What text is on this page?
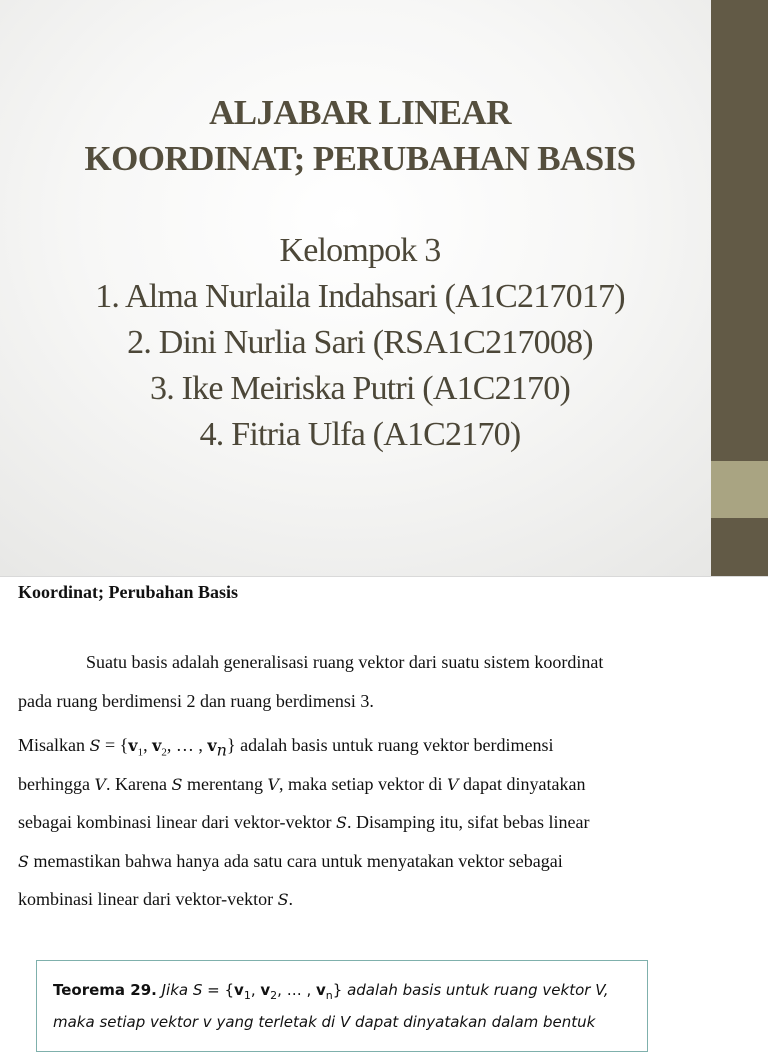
ALJABAR LINEAR
KOORDINAT; PERUBAHAN BASIS
Kelompok 3
1. Alma Nurlaila Indahsari (A1C217017)
2. Dini Nurlia Sari (RSA1C217008)
3. Ike Meiriska Putri (A1C2170)
4. Fitria Ulfa (A1C2170)
Koordinat; Perubahan Basis
Suatu basis adalah generalisasi ruang vektor dari suatu sistem koordinat
pada ruang berdimensi 2 dan ruang berdimensi 3.
Misalkan $S = \{v_1$, $v_2$, … , $v_n$} adalah basis untuk ruang vektor berdimensi
berhingga V. Karena S merentang V, maka setiap vektor di V dapat dinyatakan
sebagai kombinasi linear dari vektor-vektor S. Disamping itu, sifat bebas linear
S memastikan bahwa hanya ada satu cara untuk menyatakan vektor sebagai
kombinasi linear dari vektor-vektor S.
Teorema 29. Jika $S = \{v_1$, $v_2$, … , $v_n$} adalah basis untuk ruang vektor V,
maka setiap vektor v yang terletak di V dapat dinyatakan dalam bentuk
